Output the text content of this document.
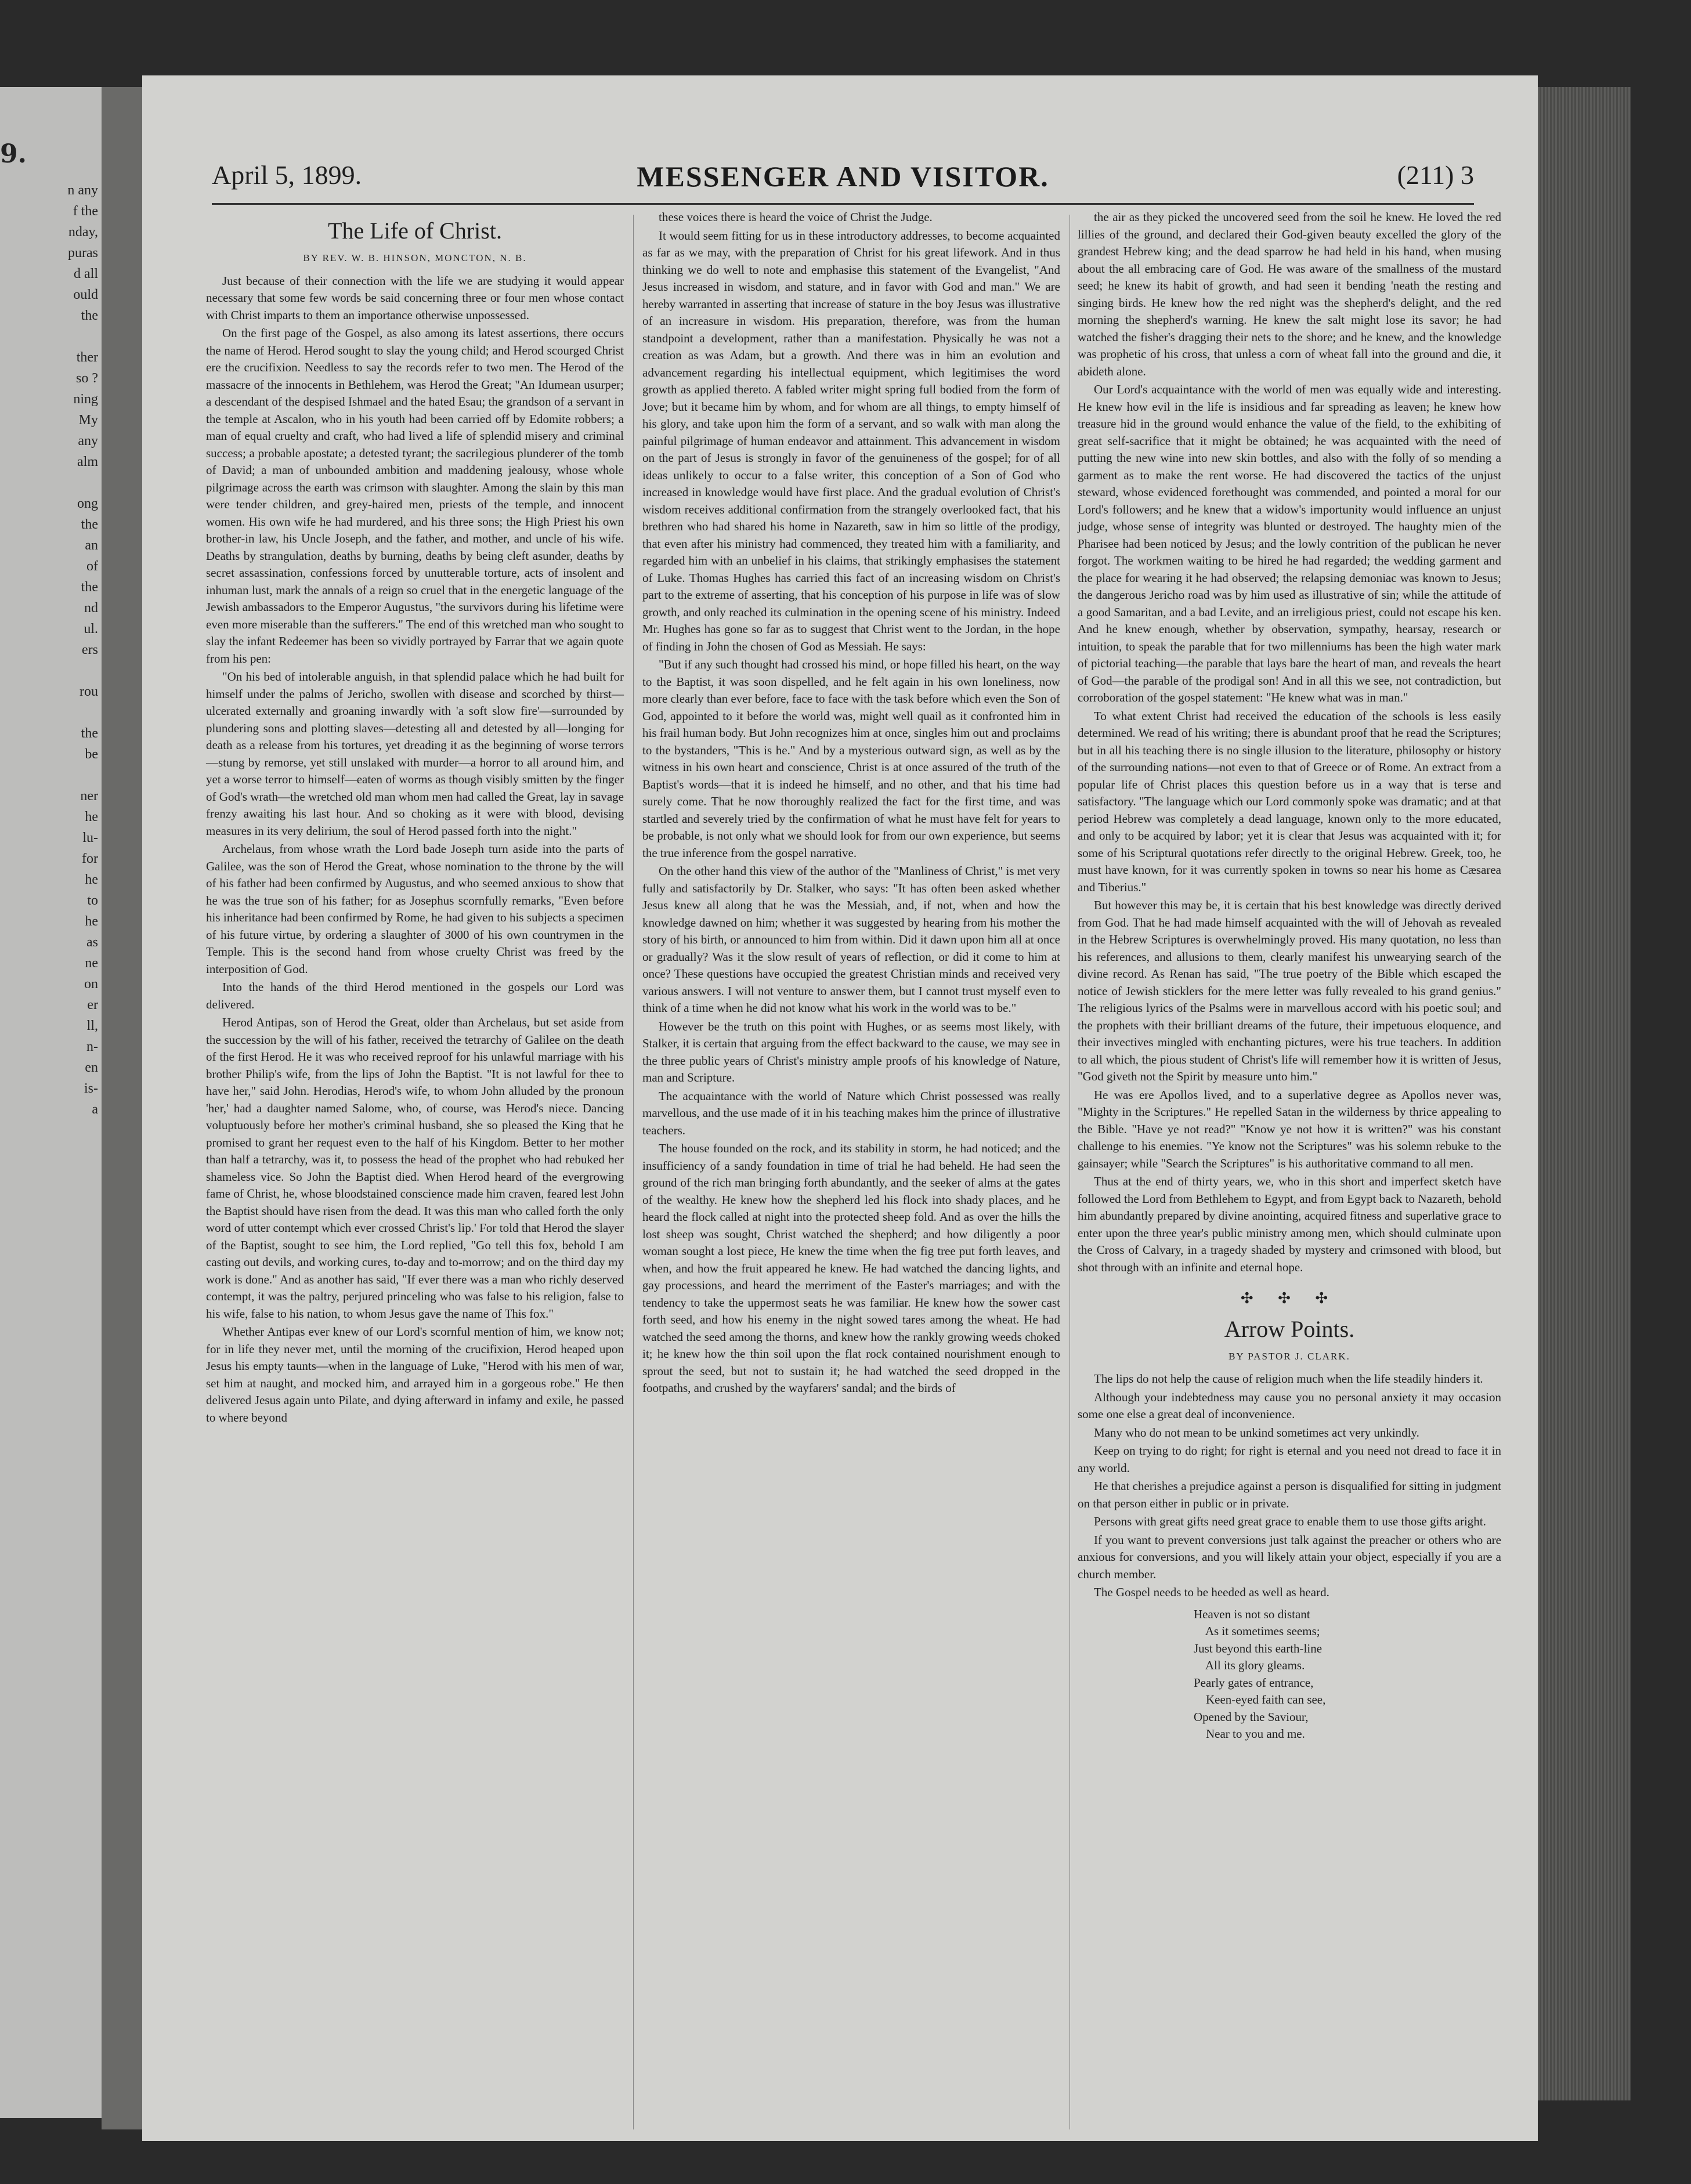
9.
n any
f the
nday,
puras
d all
ould
the

ther
so ?
ning
My
any
alm

ong
the
an
of
the
nd
ul.
ers

rou

the
be

ner
he
lu-
for
he
to
he
as
ne
on
er
ll,
n-
en
is-
a
MESSENGER AND VISITOR.
April 5, 1899.	(211) 3
The Life of Christ.
BY REV. W. B. HINSON, MONCTON, N. B.

Just because of their connection with the life we are studying it would appear necessary that some few words be said concerning three or four men whose contact with Christ imparts to them an importance otherwise unpossessed.

On the first page of the Gospel, as also among its latest assertions, there occurs the name of Herod. Herod sought to slay the young child; and Herod scourged Christ ere the crucifixion. Needless to say the records refer to two men. The Herod of the massacre of the innocents in Bethlehem, was Herod the Great; "An Idumean usurper; a descendant of the despised Ishmael and the hated Esau; the grandson of a servant in the temple at Ascalon, who in his youth had been carried off by Edomite robbers; a man of equal cruelty and craft, who had lived a life of splendid misery and criminal success; a probable apostate; a detested tyrant; the sacrilegious plunderer of the tomb of David; a man of unbounded ambition and maddening jealousy, whose whole pilgrimage across the earth was crimson with slaughter. Among the slain by this man were tender children, and grey-haired men, priests of the temple, and innocent women. His own wife he had murdered, and his three sons; the High Priest his own brother-in law, his Uncle Joseph, and the father, and mother, and uncle of his wife. Deaths by strangulation, deaths by burning, deaths by being cleft asunder, deaths by secret assassination, confessions forced by unutterable torture, acts of insolent and inhuman lust, mark the annals of a reign so cruel that in the energetic language of the Jewish ambassadors to the Emperor Augustus, "the survivors during his lifetime were even more miserable than the sufferers." The end of this wretched man who sought to slay the infant Redeemer has been so vividly portrayed by Farrar that we again quote from his pen:

"On his bed of intolerable anguish, in that splendid palace which he had built for himself under the palms of Jericho, swollen with disease and scorched by thirst—ulcerated externally and groaning inwardly with 'a soft slow fire'—surrounded by plundering sons and plotting slaves—detesting all and detested by all—longing for death as a release from his tortures, yet dreading it as the beginning of worse terrors—stung by remorse, yet still unslaked with murder—a horror to all around him, and yet a worse terror to himself—eaten of worms as though visibly smitten by the finger of God's wrath—the wretched old man whom men had called the Great, lay in savage frenzy awaiting his last hour. And so choking as it were with blood, devising measures in its very delirium, the soul of Herod passed forth into the night."

Archelaus, from whose wrath the Lord bade Joseph turn aside into the parts of Galilee, was the son of Herod the Great, whose nomination to the throne by the will of his father had been confirmed by Augustus, and who seemed anxious to show that he was the true son of his father; for as Josephus scornfully remarks, "Even before his inheritance had been confirmed by Rome, he had given to his subjects a specimen of his future virtue, by ordering a slaughter of 3000 of his own countrymen in the Temple. This is the second hand from whose cruelty Christ was freed by the interposition of God.

Into the hands of the third Herod mentioned in the gospels our Lord was delivered.

Herod Antipas, son of Herod the Great, older than Archelaus, but set aside from the succession by the will of his father, received the tetrarchy of Galilee on the death of the first Herod. He it was who received reproof for his unlawful marriage with his brother Philip's wife, from the lips of John the Baptist. "It is not lawful for thee to have her," said John. Herodias, Herod's wife, to whom John alluded by the pronoun 'her,' had a daughter named Salome, who, of course, was Herod's niece. Dancing voluptuously before her mother's criminal husband, she so pleased the King that he promised to grant her request even to the half of his Kingdom. Better to her mother than half a tetrarchy, was it, to possess the head of the prophet who had rebuked her shameless vice. So John the Baptist died. When Herod heard of the evergrowing fame of Christ, he, whose bloodstained conscience made him craven, feared lest John the Baptist should have risen from the dead. It was this man who called forth the only word of utter contempt which ever crossed Christ's lip.' For told that Herod the slayer of the Baptist, sought to see him, the Lord replied, "Go tell this fox, behold I am casting out devils, and working cures, to-day and to-morrow; and on the third day my work is done." And as another has said, "If ever there was a man who richly deserved contempt, it was the paltry, perjured princeling who was false to his religion, false to his wife, false to his nation, to whom Jesus gave the name of This fox."

Whether Antipas ever knew of our Lord's scornful mention of him, we know not; for in life they never met, until the morning of the crucifixion, Herod heaped upon Jesus his empty taunts—when in the language of Luke, "Herod with his men of war, set him at naught, and mocked him, and arrayed him in a gorgeous robe." He then delivered Jesus again unto Pilate, and dying afterward in infamy and exile, he passed to where beyond

these voices there is heard the voice of Christ the Judge.

It would seem fitting for us in these introductory addresses, to become acquainted as far as we may, with the preparation of Christ for his great lifework. And in thus thinking we do well to note and emphasise this statement of the Evangelist, "And Jesus increased in wisdom, and stature, and in favor with God and man." We are hereby warranted in asserting that increase of stature in the boy Jesus was illustrative of an increasure in wisdom. His preparation, therefore, was from the human standpoint a development, rather than a manifestation. Physically he was not a creation as was Adam, but a growth. And there was in him an evolution and advancement regarding his intellectual equipment, which legitimises the word growth as applied thereto. A fabled writer might spring full bodied from the form of Jove; but it became him by whom, and for whom are all things, to empty himself of his glory, and take upon him the form of a servant, and so walk with man along the painful pilgrimage of human endeavor and attainment. This advancement in wisdom on the part of Jesus is strongly in favor of the genuineness of the gospel; for of all ideas unlikely to occur to a false writer, this conception of a Son of God who increased in knowledge would have first place. And the gradual evolution of Christ's wisdom receives additional confirmation from the strangely overlooked fact, that his brethren who had shared his home in Nazareth, saw in him so little of the prodigy, that even after his ministry had commenced, they treated him with a familiarity, and regarded him with an unbelief in his claims, that strikingly emphasises the statement of Luke. Thomas Hughes has carried this fact of an increasing wisdom on Christ's part to the extreme of asserting, that his conception of his purpose in life was of slow growth, and only reached its culmination in the opening scene of his ministry. Indeed Mr. Hughes has gone so far as to suggest that Christ went to the Jordan, in the hope of finding in John the chosen of God as Messiah. He says:

"But if any such thought had crossed his mind, or hope filled his heart, on the way to the Baptist, it was soon dispelled, and he felt again in his own loneliness, now more clearly than ever before, face to face with the task before which even the Son of God, appointed to it before the world was, might well quail as it confronted him in his frail human body. But John recognizes him at once, singles him out and proclaims to the bystanders, "This is he." And by a mysterious outward sign, as well as by the witness in his own heart and conscience, Christ is at once assured of the truth of the Baptist's words—that it is indeed he himself, and no other, and that his time had surely come. That he now thoroughly realized the fact for the first time, and was startled and severely tried by the confirmation of what he must have felt for years to be probable, is not only what we should look for from our own experience, but seems the true inference from the gospel narrative.

On the other hand this view of the author of the "Manliness of Christ," is met very fully and satisfactorily by Dr. Stalker, who says: "It has often been asked whether Jesus knew all along that he was the Messiah, and, if not, when and how the knowledge dawned on him; whether it was suggested by hearing from his mother the story of his birth, or announced to him from within. Did it dawn upon him all at once or gradually? Was it the slow result of years of reflection, or did it come to him at once? These questions have occupied the greatest Christian minds and received very various answers. I will not venture to answer them, but I cannot trust myself even to think of a time when he did not know what his work in the world was to be."

However be the truth on this point with Hughes, or as seems most likely, with Stalker, it is certain that arguing from the effect backward to the cause, we may see in the three public years of Christ's ministry ample proofs of his knowledge of Nature, man and Scripture.

The acquaintance with the world of Nature which Christ possessed was really marvellous, and the use made of it in his teaching makes him the prince of illustrative teachers.

The house founded on the rock, and its stability in storm, he had noticed; and the insufficiency of a sandy foundation in time of trial he had beheld. He had seen the ground of the rich man bringing forth abundantly, and the seeker of alms at the gates of the wealthy. He knew how the shepherd led his flock into shady places, and he heard the flock called at night into the protected sheep fold. And as over the hills the lost sheep was sought, Christ watched the shepherd; and how diligently a poor woman sought a lost piece, He knew the time when the fig tree put forth leaves, and when, and how the fruit appeared he knew. He had watched the dancing lights, and gay processions, and heard the merriment of the Easter's marriages; and with the tendency to take the uppermost seats he was familiar. He knew how the sower cast forth seed, and how his enemy in the night sowed tares among the wheat. He had watched the seed among the thorns, and knew how the rankly growing weeds choked it; he knew how the thin soil upon the flat rock contained nourishment enough to sprout the seed, but not to sustain it; he had watched the seed dropped in the footpaths, and crushed by the wayfarers' sandal; and the birds of

the air as they picked the uncovered seed from the soil he knew. He loved the red lillies of the ground, and declared their God-given beauty excelled the glory of the grandest Hebrew king; and the dead sparrow he had held in his hand, when musing about the all embracing care of God. He was aware of the smallness of the mustard seed; he knew its habit of growth, and had seen it bending 'neath the resting and singing birds. He knew how the red night was the shepherd's delight, and the red morning the shepherd's warning. He knew the salt might lose its savor; he had watched the fisher's dragging their nets to the shore; and he knew, and the knowledge was prophetic of his cross, that unless a corn of wheat fall into the ground and die, it abideth alone.

Our Lord's acquaintance with the world of men was equally wide and interesting. He knew how evil in the life is insidious and far spreading as leaven; he knew how treasure hid in the ground would enhance the value of the field, to the exhibiting of great self-sacrifice that it might be obtained; he was acquainted with the need of putting the new wine into new skin bottles, and also with the folly of so mending a garment as to make the rent worse. He had discovered the tactics of the unjust steward, whose evidenced forethought was commended, and pointed a moral for our Lord's followers; and he knew that a widow's importunity would influence an unjust judge, whose sense of integrity was blunted or destroyed. The haughty mien of the Pharisee had been noticed by Jesus; and the lowly contrition of the publican he never forgot. The workmen waiting to be hired he had regarded; the wedding garment and the place for wearing it he had observed; the relapsing demoniac was known to Jesus; the dangerous Jericho road was by him used as illustrative of sin; while the attitude of a good Samaritan, and a bad Levite, and an irreligious priest, could not escape his ken. And he knew enough, whether by observation, sympathy, hearsay, research or intuition, to speak the parable that for two millenniums has been the high water mark of pictorial teaching—the parable that lays bare the heart of man, and reveals the heart of God—the parable of the prodigal son! And in all this we see, not contradiction, but corroboration of the gospel statement: "He knew what was in man."

To what extent Christ had received the education of the schools is less easily determined. We read of his writing; there is abundant proof that he read the Scriptures; but in all his teaching there is no single illusion to the literature, philosophy or history of the surrounding nations—not even to that of Greece or of Rome. An extract from a popular life of Christ places this question before us in a way that is terse and satisfactory. "The language which our Lord commonly spoke was dramatic; and at that period Hebrew was completely a dead language, known only to the more educated, and only to be acquired by labor; yet it is clear that Jesus was acquainted with it; for some of his Scriptural quotations refer directly to the original Hebrew. Greek, too, he must have known, for it was currently spoken in towns so near his home as Cæsarea and Tiberius."

But however this may be, it is certain that his best knowledge was directly derived from God. That he had made himself acquainted with the will of Jehovah as revealed in the Hebrew Scriptures is overwhelmingly proved. His many quotation, no less than his references, and allusions to them, clearly manifest his unwearying search of the divine record. As Renan has said, "The true poetry of the Bible which escaped the notice of Jewish sticklers for the mere letter was fully revealed to his grand genius." The religious lyrics of the Psalms were in marvellous accord with his poetic soul; and the prophets with their brilliant dreams of the future, their impetuous eloquence, and their invectives mingled with enchanting pictures, were his true teachers. In addition to all which, the pious student of Christ's life will remember how it is written of Jesus, "God giveth not the Spirit by measure unto him."

He was ere Apollos lived, and to a superlative degree as Apollos never was, "Mighty in the Scriptures." He repelled Satan in the wilderness by thrice appealing to the Bible. "Have ye not read?" "Know ye not how it is written?" was his constant challenge to his enemies. "Ye know not the Scriptures" was his solemn rebuke to the gainsayer; while "Search the Scriptures" is his authoritative command to all men.

Thus at the end of thirty years, we, who in this short and imperfect sketch have followed the Lord from Bethlehem to Egypt, and from Egypt back to Nazareth, behold him abundantly prepared by divine anointing, acquired fitness and superlative grace to enter upon the three year's public ministry among men, which should culminate upon the Cross of Calvary, in a tragedy shaded by mystery and crimsoned with blood, but shot through with an infinite and eternal hope.

✣ ✣ ✣
Arrow Points.
BY PASTOR J. CLARK.

The lips do not help the cause of religion much when the life steadily hinders it.

Although your indebtedness may cause you no personal anxiety it may occasion some one else a great deal of inconvenience.

Many who do not mean to be unkind sometimes act very unkindly.

Keep on trying to do right; for right is eternal and you need not dread to face it in any world.

He that cherishes a prejudice against a person is disqualified for sitting in judgment on that person either in public or in private.

Persons with great gifts need great grace to enable them to use those gifts aright.

If you want to prevent conversions just talk against the preacher or others who are anxious for conversions, and you will likely attain your object, especially if you are a church member.

The Gospel needs to be heeded as well as heard.

Heaven is not so distant
As it sometimes seems;
Just beyond this earth-line
All its glory gleams.
Pearly gates of entrance,
Keen-eyed faith can see,
Opened by the Saviour,
Near to you and me.
